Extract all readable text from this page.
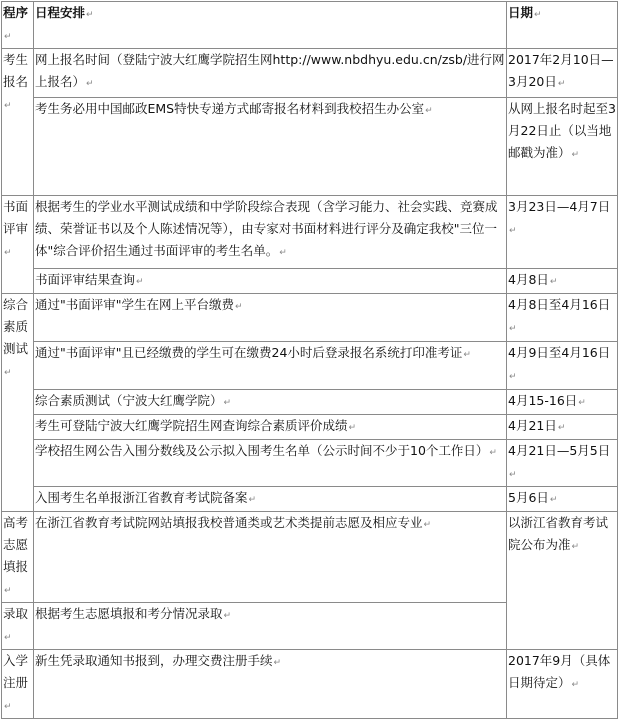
程序↵	日程安排↵	日期↵
考生报名↵	网上报名时间（登陆宁波大红鹰学院招生网http://www.nbdhyu.edu.cn/zsb/进行网上报名）↵	2017年2月10日—3月20日↵
	考生务必用中国邮政EMS特快专递方式邮寄报名材料到我校招生办公室↵	从网上报名时起至3月22日止（以当地邮戳为准）↵
书面评审↵	根据考生的学业水平测试成绩和中学阶段综合表现（含学习能力、社会实践、竞赛成绩、荣誉证书以及个人陈述情况等），由专家对书面材料进行评分及确定我校"三位一体"综合评价招生通过书面评审的考生名单。↵	3月23日—4月7日↵
	书面评审结果查询↵	4月8日↵
综合素质测试↵	通过"书面评审"学生在网上平台缴费↵	4月8日至4月16日↵
	通过"书面评审"且已经缴费的学生可在缴费24小时后登录报名系统打印准考证↵	4月9日至4月16日↵
	综合素质测试（宁波大红鹰学院）↵	4月15-16日↵
	考生可登陆宁波大红鹰学院招生网查询综合素质评价成绩↵	4月21日↵
	学校招生网公告入围分数线及公示拟入围考生名单（公示时间不少于10个工作日）↵	4月21日—5月5日↵
	入围考生名单报浙江省教育考试院备案↵	5月6日↵
高考志愿填报↵	在浙江省教育考试院网站填报我校普通类或艺术类提前志愿及相应专业↵	以浙江省教育考试院公布为准↵
录取↵	根据考生志愿填报和考分情况录取↵	
入学注册↵	新生凭录取通知书报到，办理交费注册手续↵	2017年9月（具体日期待定）↵
